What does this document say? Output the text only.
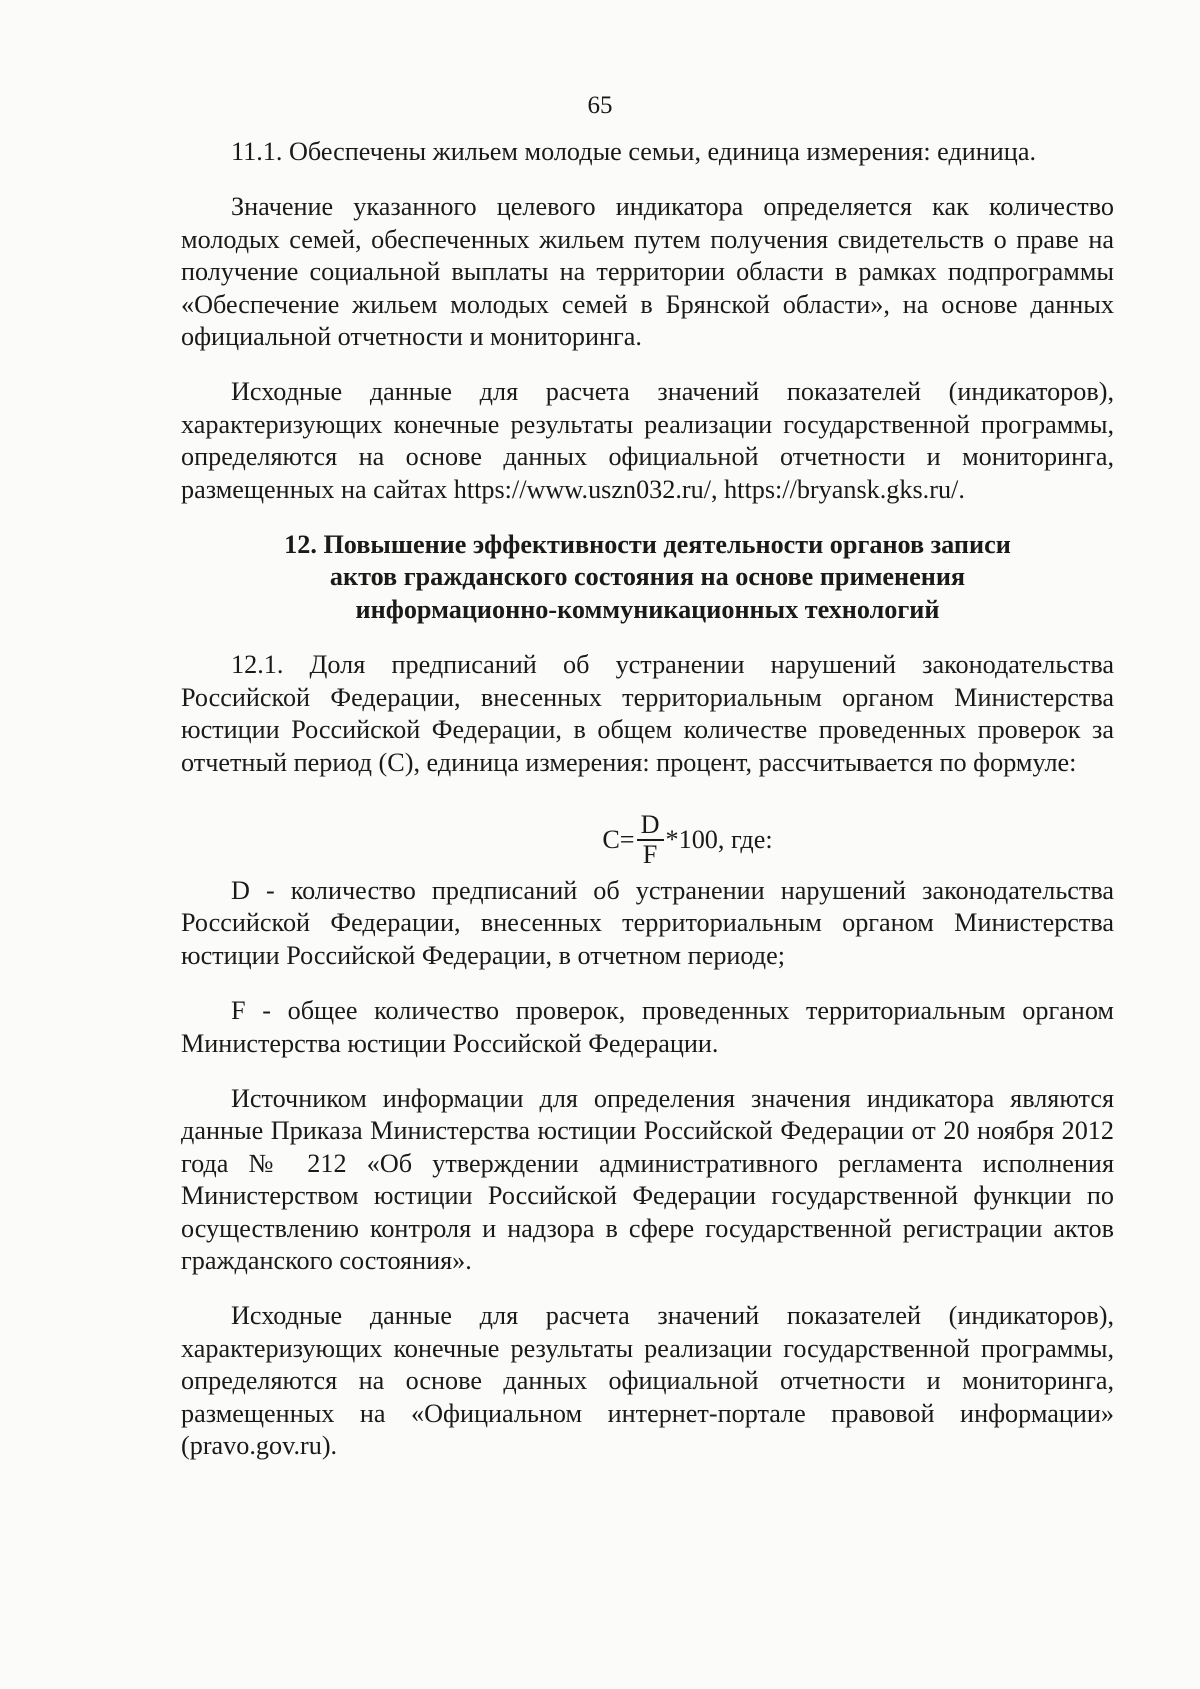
65

11.1. Обеспечены жильем молодые семьи, единица измерения: единица.

Значение указанного целевого индикатора определяется как количество молодых семей, обеспеченных жильем путем получения свидетельств о праве на получение социальной выплаты на территории области в рамках подпрограммы «Обеспечение жильем молодых семей в Брянской области», на основе данных официальной отчетности и мониторинга.

Исходные данные для расчета значений показателей (индикаторов), характеризующих конечные результаты реализации государственной программы, определяются на основе данных официальной отчетности и мониторинга, размещенных на сайтах https://www.uszn032.ru/, https://bryansk.gks.ru/.

12. Повышение эффективности деятельности органов записи
актов гражданского состояния на основе применения
информационно-коммуникационных технологий

12.1. Доля предписаний об устранении нарушений законодательства Российской Федерации, внесенных территориальным органом Министерства юстиции Российской Федерации, в общем количестве проведенных проверок за отчетный период (С), единица измерения: процент, рассчитывается по формуле:

$С= \frac{D}{F} *100$, где:

D - количество предписаний об устранении нарушений законодательства Российской Федерации, внесенных территориальным органом Министерства юстиции Российской Федерации, в отчетном периоде;

F - общее количество проверок, проведенных территориальным органом Министерства юстиции Российской Федерации.

Источником информации для определения значения индикатора являются данные Приказа Министерства юстиции Российской Федерации от 20 ноября 2012 года № 212 «Об утверждении административного регламента исполнения Министерством юстиции Российской Федерации государственной функции по осуществлению контроля и надзора в сфере государственной регистрации актов гражданского состояния».

Исходные данные для расчета значений показателей (индикаторов), характеризующих конечные результаты реализации государственной программы, определяются на основе данных официальной отчетности и мониторинга, размещенных на «Официальном интернет-портале правовой информации» (pravo.gov.ru).
